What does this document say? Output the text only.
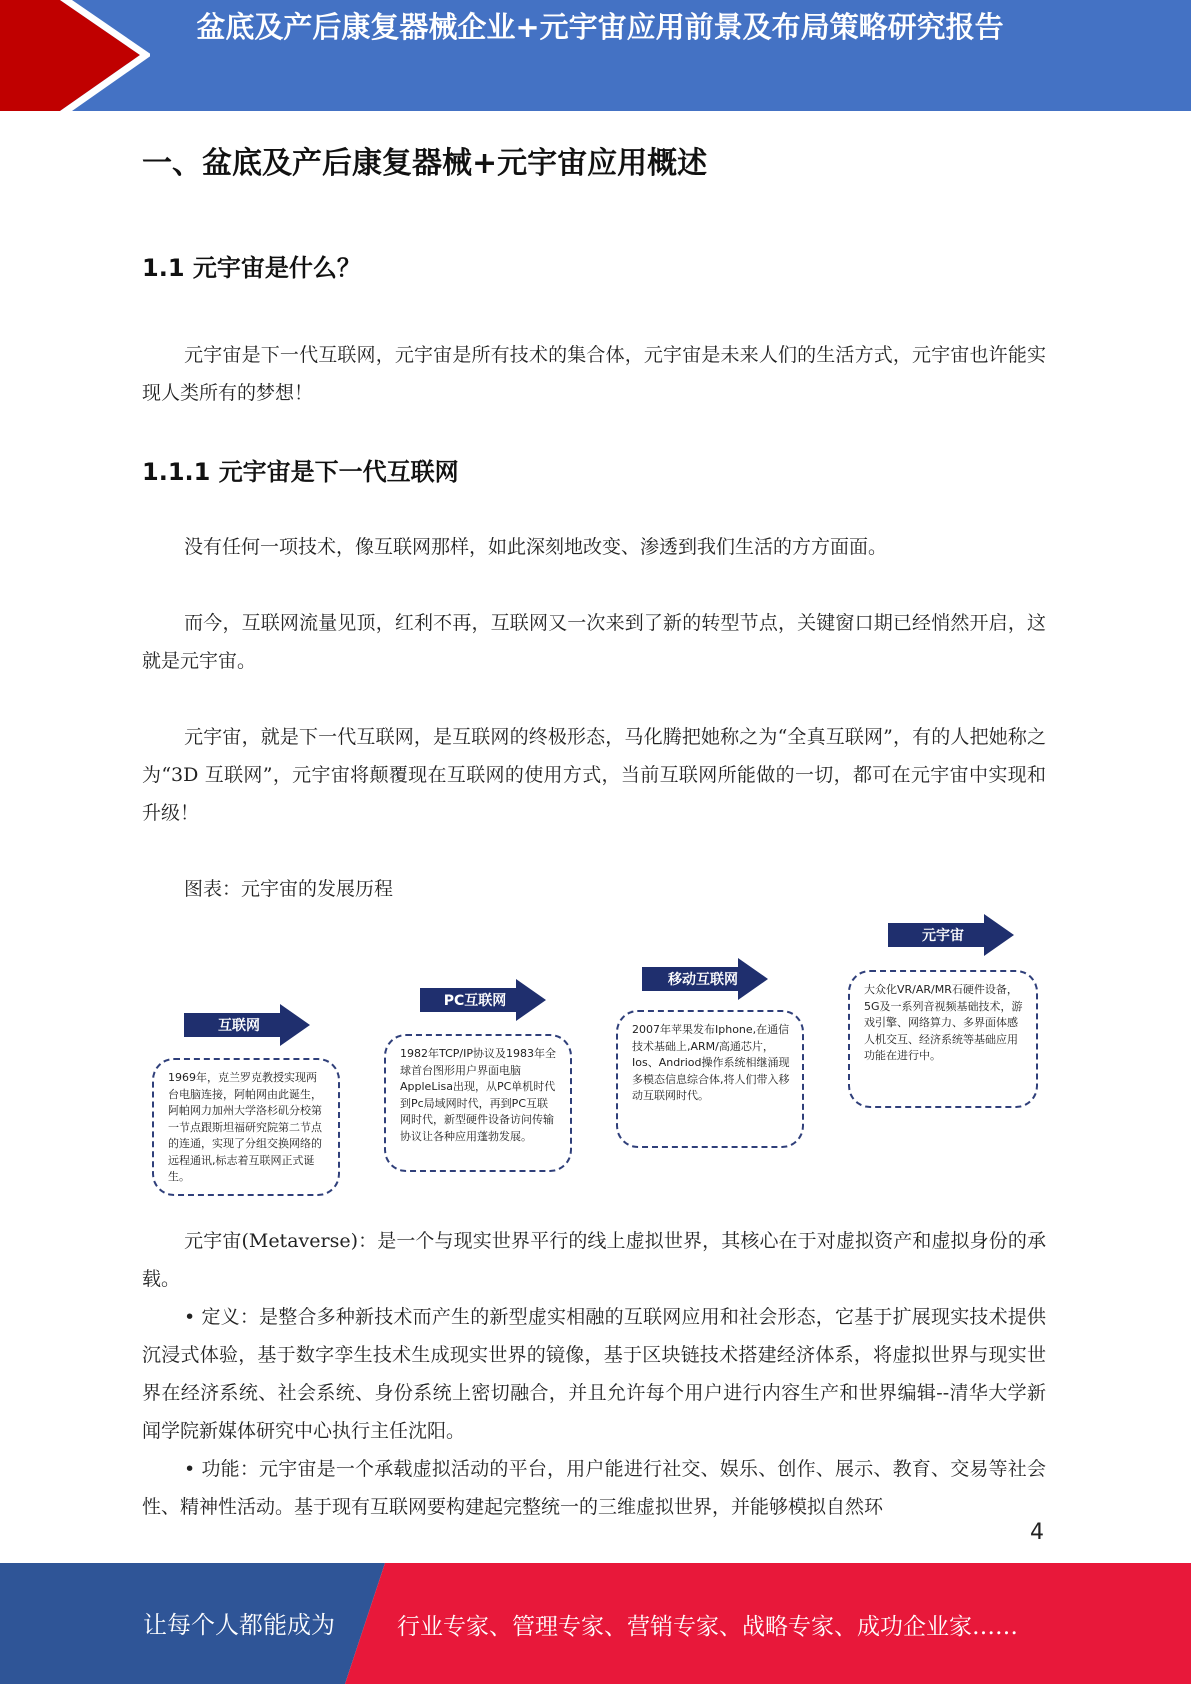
盆底及产后康复器械企业+元宇宙应用前景及布局策略研究报告
一、盆底及产后康复器械+元宇宙应用概述
1.1 元宇宙是什么？
元宇宙是下一代互联网，元宇宙是所有技术的集合体，元宇宙是未来人们的生活方式，元宇宙也许能实现人类所有的梦想！
1.1.1 元宇宙是下一代互联网
没有任何一项技术，像互联网那样，如此深刻地改变、渗透到我们生活的方方面面。
而今，互联网流量见顶，红利不再，互联网又一次来到了新的转型节点，关键窗口期已经悄然开启，这就是元宇宙。
元宇宙，就是下一代互联网，是互联网的终极形态，马化腾把她称之为“全真互联网”，有的人把她称之为“3D 互联网”，元宇宙将颠覆现在互联网的使用方式，当前互联网所能做的一切，都可在元宇宙中实现和升级！
图表：元宇宙的发展历程
互联网
1969年，克兰罗克教授实现两台电脑连接，阿帕网由此诞生，阿帕网力加州大学洛杉矶分校第一节点跟斯坦福研究院第二节点的连通，实现了分组交换网络的远程通讯,标志着互联网正式诞生。
PC互联网
1982年TCP/IP协议及1983年全球首台图形用户界面电脑AppleLisa出现，从PC单机时代到Pc局域网时代，再到PC互联网时代，新型硬件设备访问传输协议让各种应用蓬勃发展。
移动互联网
2007年苹果发布Iphone,在通信技术基础上,ARM/高通芯片，Ios、Andriod操作系统相继涌现多模态信息综合体,将人们带入移动互联网时代。
元宇宙
大众化VR/AR/MR石硬件设备，5G及一系列音视频基础技术，游戏引擎、网络算力、多界面体感人机交互、经济系统等基础应用功能在进行中。
元宇宙(Metaverse)：是一个与现实世界平行的线上虚拟世界，其核心在于对虚拟资产和虚拟身份的承载。
• 定义：是整合多种新技术而产生的新型虚实相融的互联网应用和社会形态，它基于扩展现实技术提供沉浸式体验，基于数字孪生技术生成现实世界的镜像，基于区块链技术搭建经济体系，将虚拟世界与现实世界在经济系统、社会系统、身份系统上密切融合，并且允许每个用户进行内容生产和世界编辑--清华大学新闻学院新媒体研究中心执行主任沈阳。
• 功能：元宇宙是一个承载虚拟活动的平台，用户能进行社交、娱乐、创作、展示、教育、交易等社会性、精神性活动。基于现有互联网要构建起完整统一的三维虚拟世界，并能够模拟自然环
4
让每个人都能成为	行业专家、管理专家、营销专家、战略专家、成功企业家……
